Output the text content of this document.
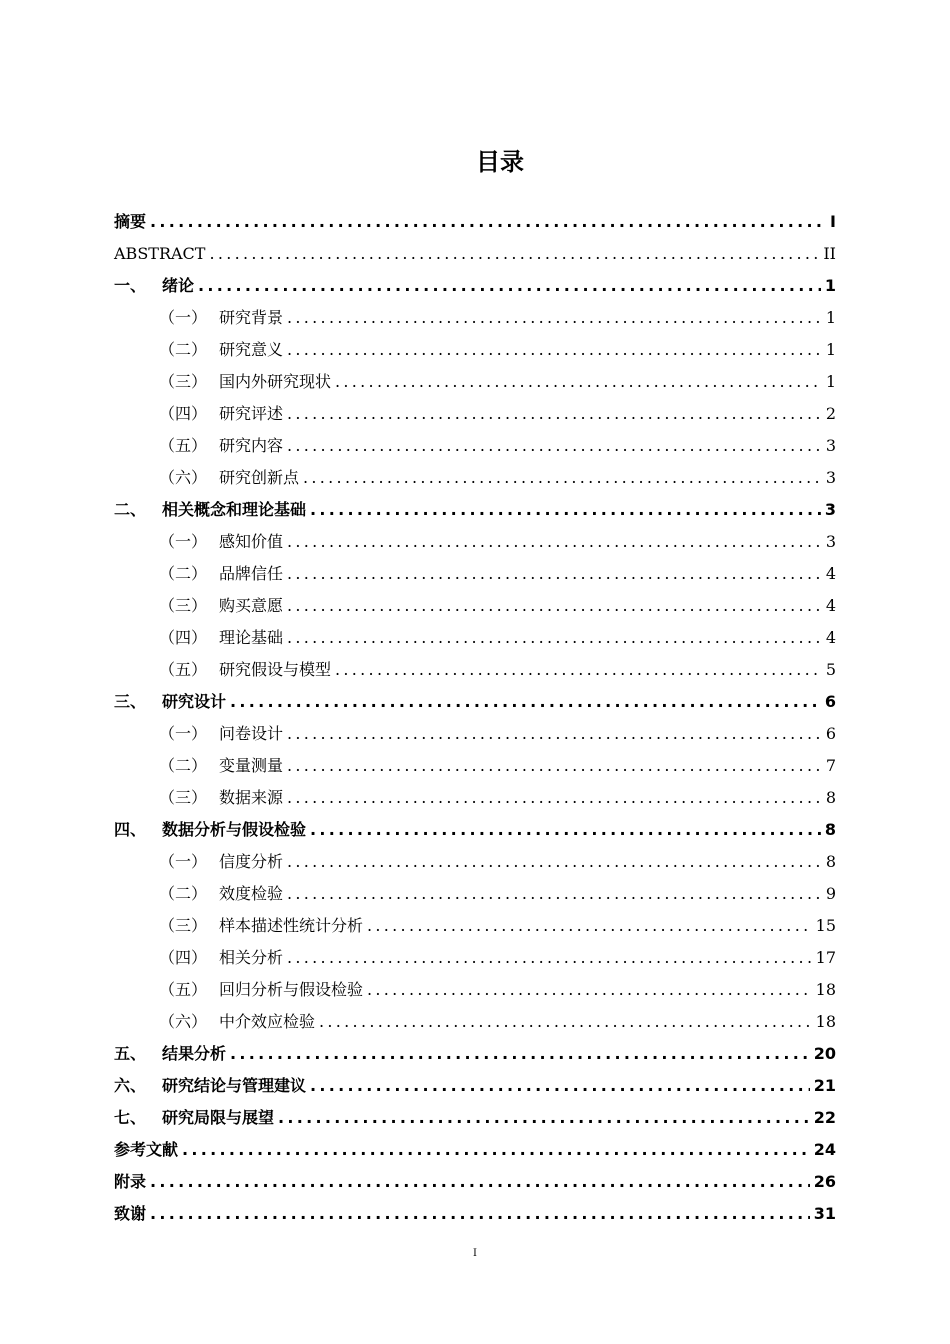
目录
摘要 .....	I
ABSTRACT .....	II
一、 绪论 .....	1
（一） 研究背景 .....	1
（二） 研究意义 .....	1
（三） 国内外研究现状 .....	1
（四） 研究评述 .....	2
（五） 研究内容 .....	3
（六） 研究创新点 .....	3
二、 相关概念和理论基础 .....	3
（一） 感知价值 .....	3
（二） 品牌信任 .....	4
（三） 购买意愿 .....	4
（四） 理论基础 .....	4
（五） 研究假设与模型 .....	5
三、 研究设计 .....	6
（一） 问卷设计 .....	6
（二） 变量测量 .....	7
（三） 数据来源 .....	8
四、 数据分析与假设检验 .....	8
（一） 信度分析 .....	8
（二） 效度检验 .....	9
（三） 样本描述性统计分析 .....	15
（四） 相关分析 .....	17
（五） 回归分析与假设检验 .....	18
（六） 中介效应检验 .....	18
五、 结果分析 .....	20
六、 研究结论与管理建议 .....	21
七、 研究局限与展望 .....	22
参考文献 .....	24
附录 .....	26
致谢 .....	31
I
